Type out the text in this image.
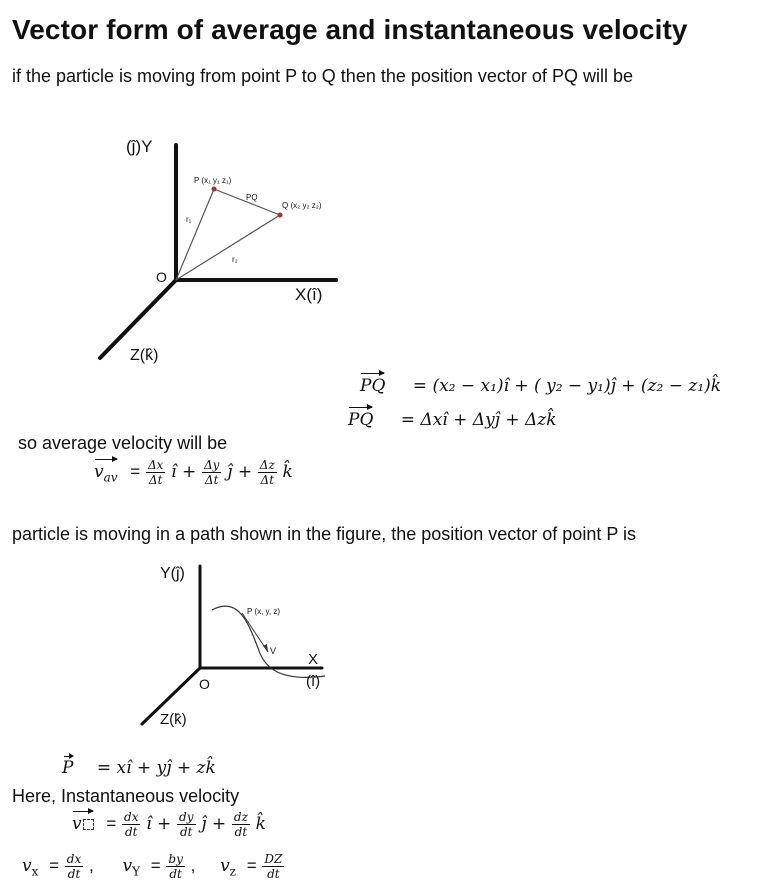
Vector form of average and instantaneous velocity
if the particle is moving from point P to Q then the position vector of PQ will be
(ĵ)Y
X(î)
Z(k̂)
O
P (x₁ y₁ z₁)
Q (x₂ y₂ z₂)
PQ
r₁
r₂
PQ = (x₂ − x₁)î + ( y₂ − y₁)ĵ + (z₂ − z₁)k̂
PQ = Δxî + Δyĵ + Δzk̂
so average velocity will be
$v_{av} = \frac{\Delta x}{\Delta t}$ î + $\frac{\Delta y}{\Delta t}$ ĵ + $\frac{\Delta z}{\Delta t}$ k̂
particle is moving in a path shown in the figure, the position vector of point P is
Y(ĵ)
X
(î)
Z(k̂)
O
P (x, y, z)
V
P = xî + yĵ + zk̂
Here, Instantaneous velocity
$v = \frac{dx}{dt}$ î + $\frac{dy}{dt}$ ĵ + $\frac{dz}{dt}$ k̂
$v_x = \frac{dx}{dt}$ , $v_Y = \frac{by}{dt}$ , $v_z = \frac{DZ}{dt}$
